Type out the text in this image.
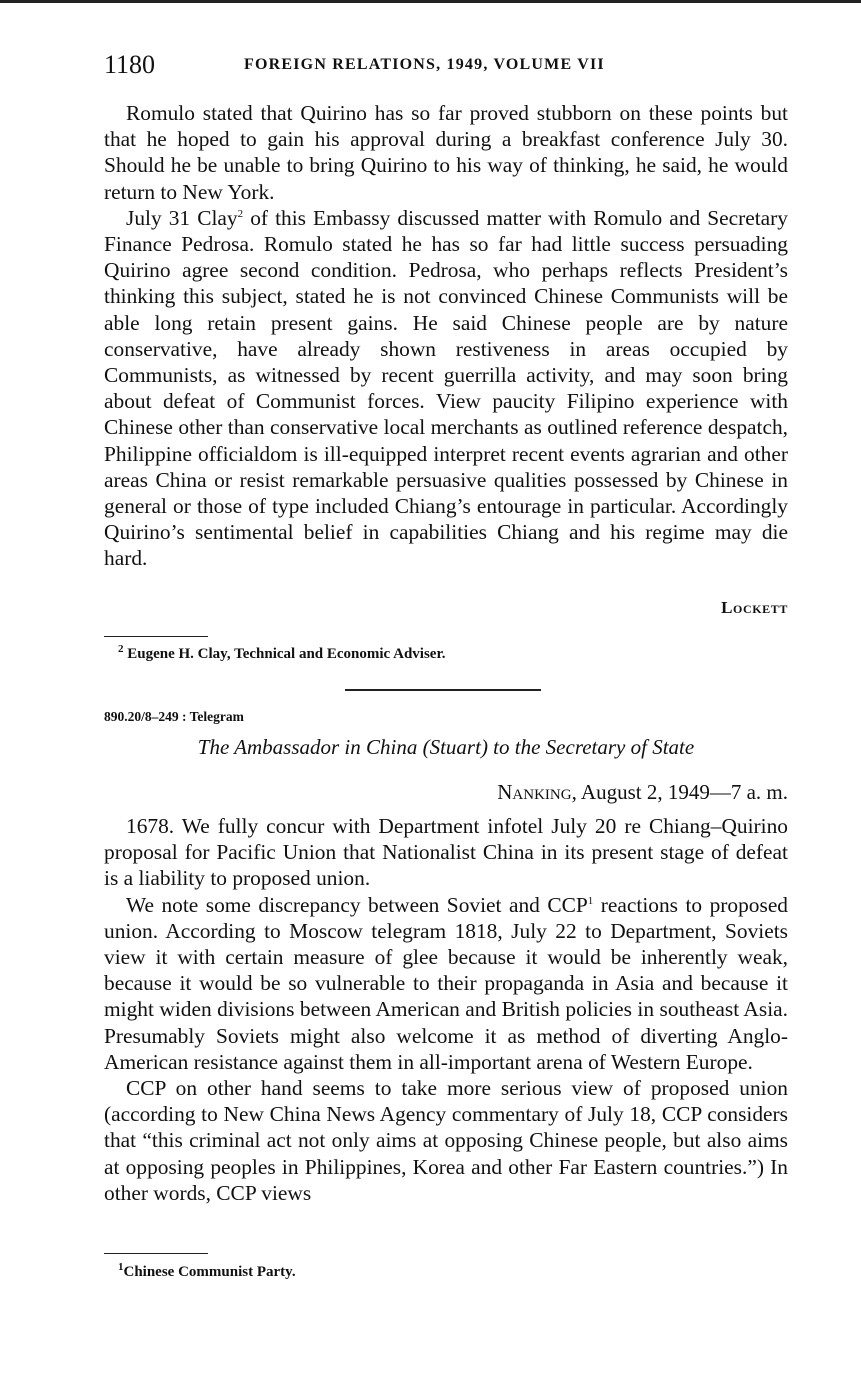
1180	FOREIGN RELATIONS, 1949, VOLUME VII

Romulo stated that Quirino has so far proved stubborn on these points but that he hoped to gain his approval during a breakfast conference July 30. Should he be unable to bring Quirino to his way of thinking, he said, he would return to New York.

July 31 Clay$^2$ of this Embassy discussed matter with Romulo and Secretary Finance Pedrosa. Romulo stated he has so far had little success persuading Quirino agree second condition. Pedrosa, who perhaps reflects President’s thinking this subject, stated he is not convinced Chinese Communists will be able long retain present gains. He said Chinese people are by nature conservative, have already shown restiveness in areas occupied by Communists, as witnessed by recent guerrilla activity, and may soon bring about defeat of Communist forces. View paucity Filipino experience with Chinese other than conservative local merchants as outlined reference despatch, Philippine officialdom is ill-equipped interpret recent events agrarian and other areas China or resist remarkable persuasive qualities possessed by Chinese in general or those of type included Chiang’s entourage in particular. Accordingly Quirino’s sentimental belief in capabilities Chiang and his regime may die hard.

Lockett
$^2$ Eugene H. Clay, Technical and Economic Adviser.
890.20/8–249 : Telegram
The Ambassador in China (Stuart) to the Secretary of State
Nanking, August 2, 1949—7 a. m.

1678. We fully concur with Department infotel July 20 re Chiang–Quirino proposal for Pacific Union that Nationalist China in its present stage of defeat is a liability to proposed union.

We note some discrepancy between Soviet and CCP$^1$ reactions to proposed union. According to Moscow telegram 1818, July 22 to Department, Soviets view it with certain measure of glee because it would be inherently weak, because it would be so vulnerable to their propaganda in Asia and because it might widen divisions between American and British policies in southeast Asia. Presumably Soviets might also welcome it as method of diverting Anglo-American resistance against them in all-important arena of Western Europe.

CCP on other hand seems to take more serious view of proposed union (according to New China News Agency commentary of July 18, CCP considers that “this criminal act not only aims at opposing Chinese people, but also aims at opposing peoples in Philippines, Korea and other Far Eastern countries.”) In other words, CCP views

$^1$Chinese Communist Party.
